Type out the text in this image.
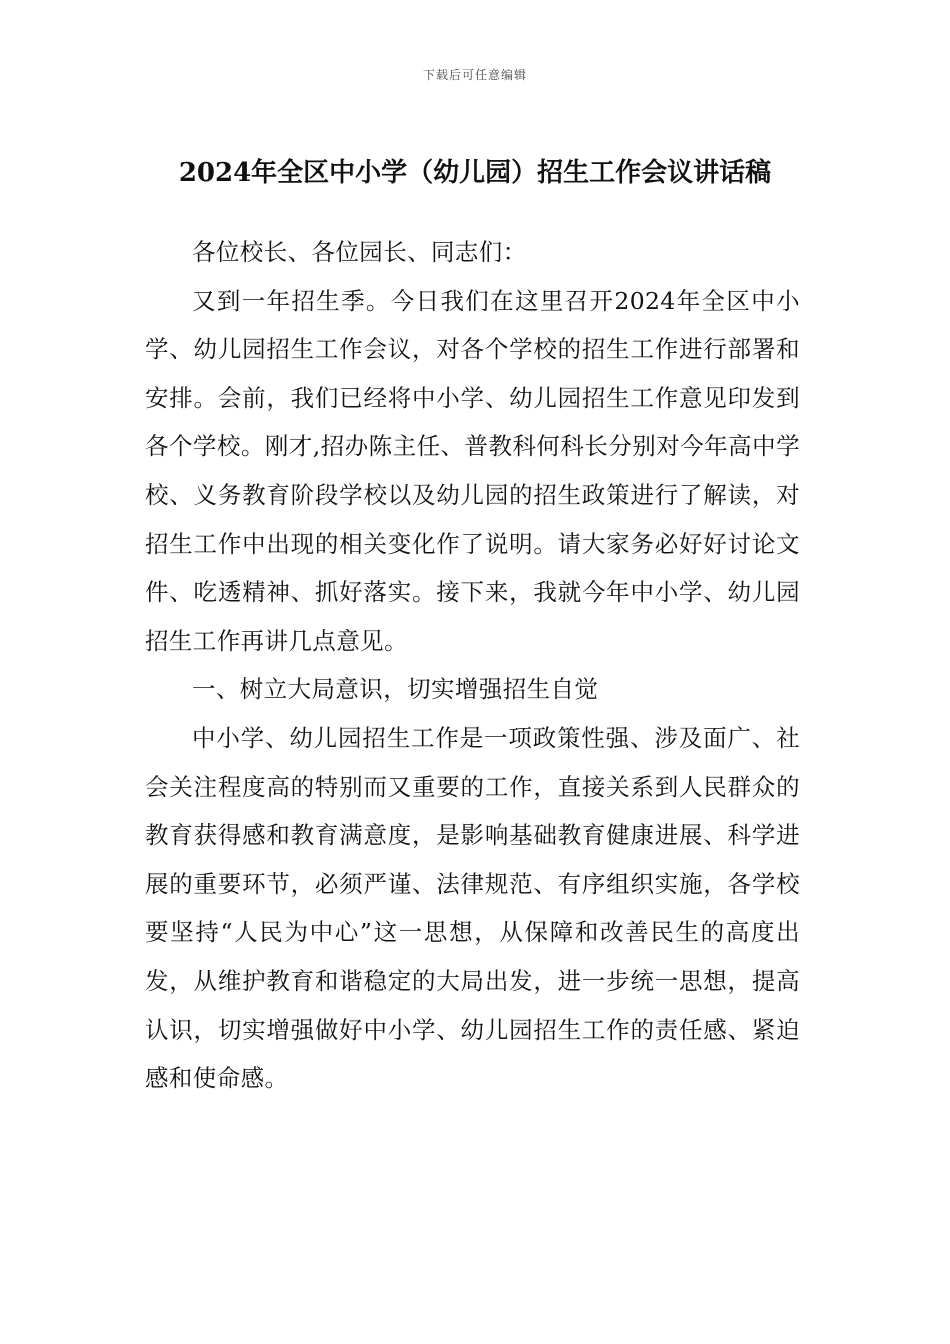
下载后可任意编辑
2024年全区中小学（幼儿园）招生工作会议讲话稿

各位校长、各位园长、同志们：

又到一年招生季。今日我们在这里召开2024年全区中小学、幼儿园招生工作会议，对各个学校的招生工作进行部署和安排。会前，我们已经将中小学、幼儿园招生工作意见印发到各个学校。刚才,招办陈主任、普教科何科长分别对今年高中学校、义务教育阶段学校以及幼儿园的招生政策进行了解读，对招生工作中出现的相关变化作了说明。请大家务必好好讨论文件、吃透精神、抓好落实。接下来，我就今年中小学、幼儿园招生工作再讲几点意见。

一、树立大局意识，切实增强招生自觉

中小学、幼儿园招生工作是一项政策性强、涉及面广、社会关注程度高的特别而又重要的工作，直接关系到人民群众的教育获得感和教育满意度，是影响基础教育健康进展、科学进展的重要环节，必须严谨、法律规范、有序组织实施，各学校要坚持“人民为中心”这一思想，从保障和改善民生的高度出发，从维护教育和谐稳定的大局出发，进一步统一思想，提高认识，切实增强做好中小学、幼儿园招生工作的责任感、紧迫感和使命感。
